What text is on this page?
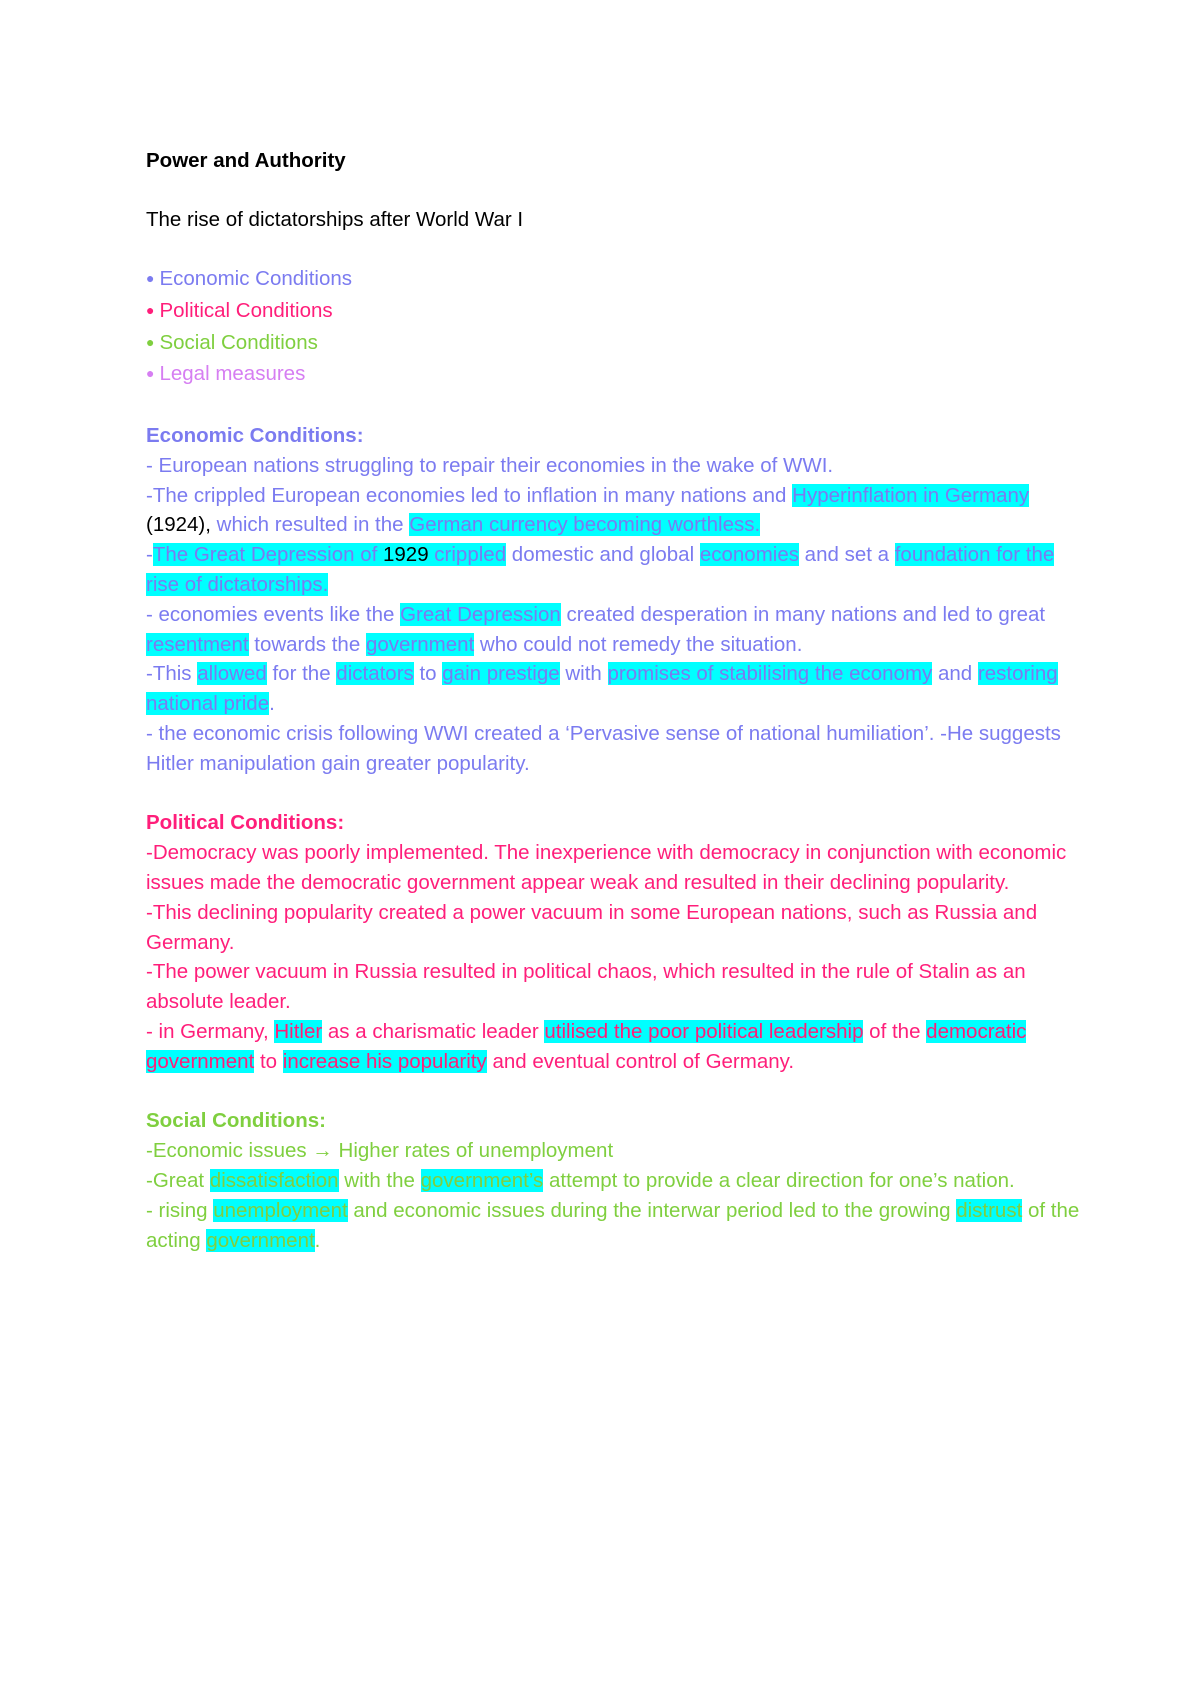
Power and Authority
The rise of dictatorships after World War I
● Economic Conditions
● Political Conditions
● Social Conditions
● Legal measures
Economic Conditions:

- European nations struggling to repair their economies in the wake of WWI.

-The crippled European economies led to inflation in many nations and Hyperinflation in Germany (1924), which resulted in the German currency becoming worthless.

-The Great Depression of 1929 crippled domestic and global economies and set a foundation for the rise of dictatorships.

- economies events like the Great Depression created desperation in many nations and led to great resentment towards the government who could not remedy the situation.

-This allowed for the dictators to gain prestige with promises of stabilising the economy and restoring national pride.

- the economic crisis following WWI created a ‘Pervasive sense of national humiliation’. -He suggests Hitler manipulation gain greater popularity.

Political Conditions:

-Democracy was poorly implemented. The inexperience with democracy in conjunction with economic issues made the democratic government appear weak and resulted in their declining popularity.

-This declining popularity created a power vacuum in some European nations, such as Russia and Germany.

-The power vacuum in Russia resulted in political chaos, which resulted in the rule of Stalin as an absolute leader.

- in Germany, Hitler as a charismatic leader utilised the poor political leadership of the democratic government to increase his popularity and eventual control of Germany.

Social Conditions:

-Economic issues → Higher rates of unemployment

-Great dissatisfaction with the government’s attempt to provide a clear direction for one’s nation.

- rising unemployment and economic issues during the interwar period led to the growing distrust of the acting government.
